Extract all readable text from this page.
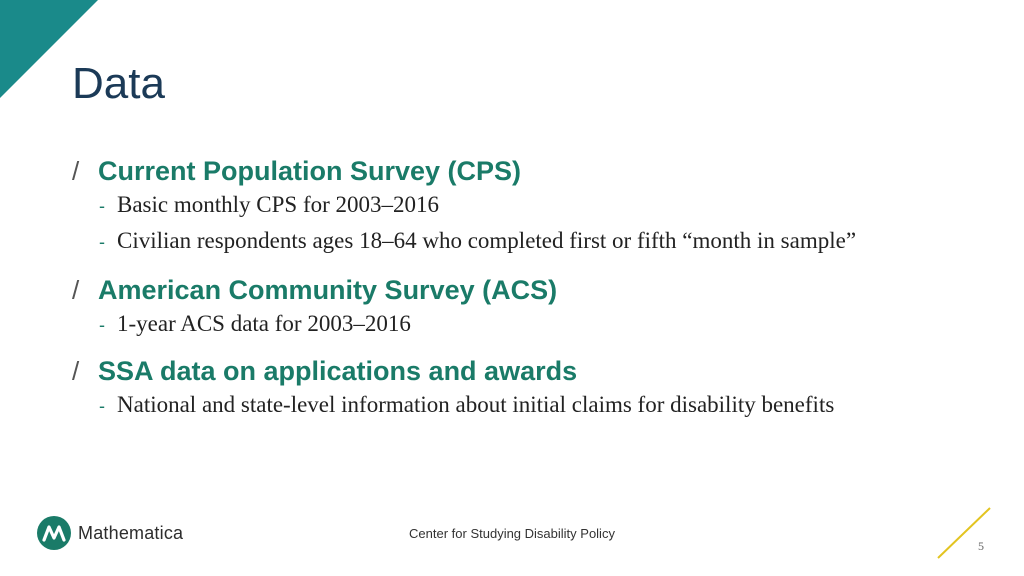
Data
/ Current Population Survey (CPS)
- Basic monthly CPS for 2003–2016
- Civilian respondents ages 18–64 who completed first or fifth “month in sample”
/ American Community Survey (ACS)
- 1-year ACS data for 2003–2016
/ SSA data on applications and awards
- National and state-level information about initial claims for disability benefits
Mathematica	Center for Studying Disability Policy
5
